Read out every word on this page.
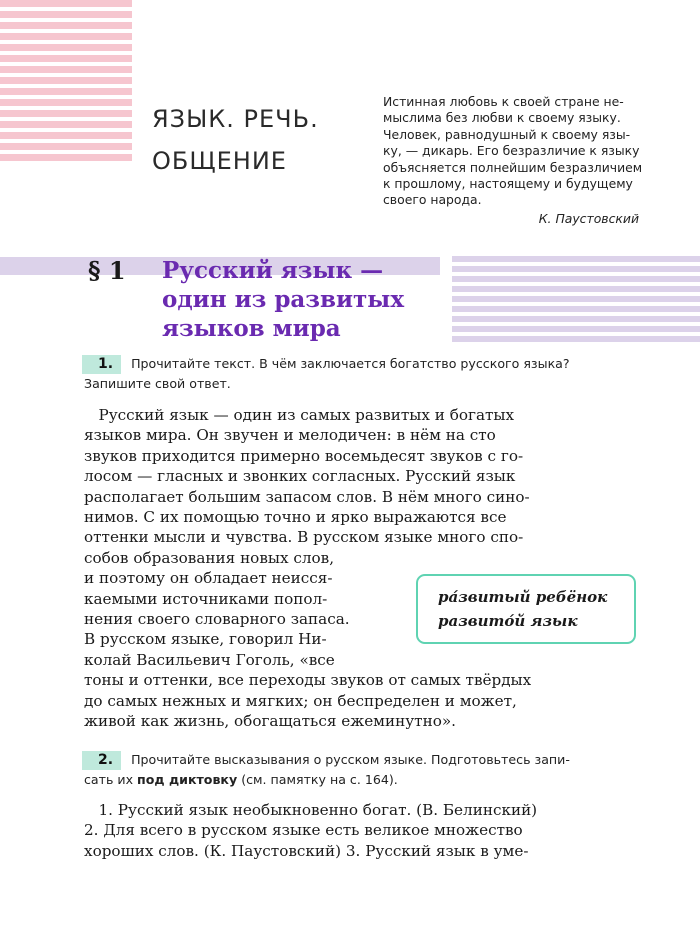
ЯЗЫК. РЕЧЬ.
ОБЩЕНИЕ
Истинная любовь к своей стране не-
мыслима без любви к своему языку.
Человек, равнодушный к своему язы-
ку, — дикарь. Его безразличие к языку
объясняется полнейшим безразличием
к прошлому, настоящему и будущему
своего народа.
К. Паустовский
§ 1 Русский язык —
один из развитых
языков мира
1. Прочитайте текст. В чём заключается богатство русского языка?
Запишите свой ответ.
Русский язык — один из самых развитых и богатых
языков мира. Он звучен и мелодичен: в нём на сто
звуков приходится примерно восемьдесят звуков с го-
лосом — гласных и звонких согласных. Русский язык
располагает большим запасом слов. В нём много сино-
нимов. С их помощью точно и ярко выражаются все
оттенки мысли и чувства. В русском языке много спо-
собов образования новых слов,
и поэтому он обладает неисся-
каемыми источниками попол-
нения своего словарного запаса.
В русском языке, говорил Ни-
колай Васильевич Гоголь, «все
тоны и оттенки, все переходы звуков от самых твёрдых
до самых нежных и мягких; он беспределен и может,
живой как жизнь, обогащаться ежеминутно».
ра́звитый ребёнок
развито́й язык
2. Прочитайте высказывания о русском языке. Подготовьтесь запи-
сать их под диктовку (см. памятку на с. 164).
1. Русский язык необыкновенно богат. (В. Белинский)
2. Для всего в русском языке есть великое множество
хороших слов. (К. Паустовский) 3. Русский язык в уме-
